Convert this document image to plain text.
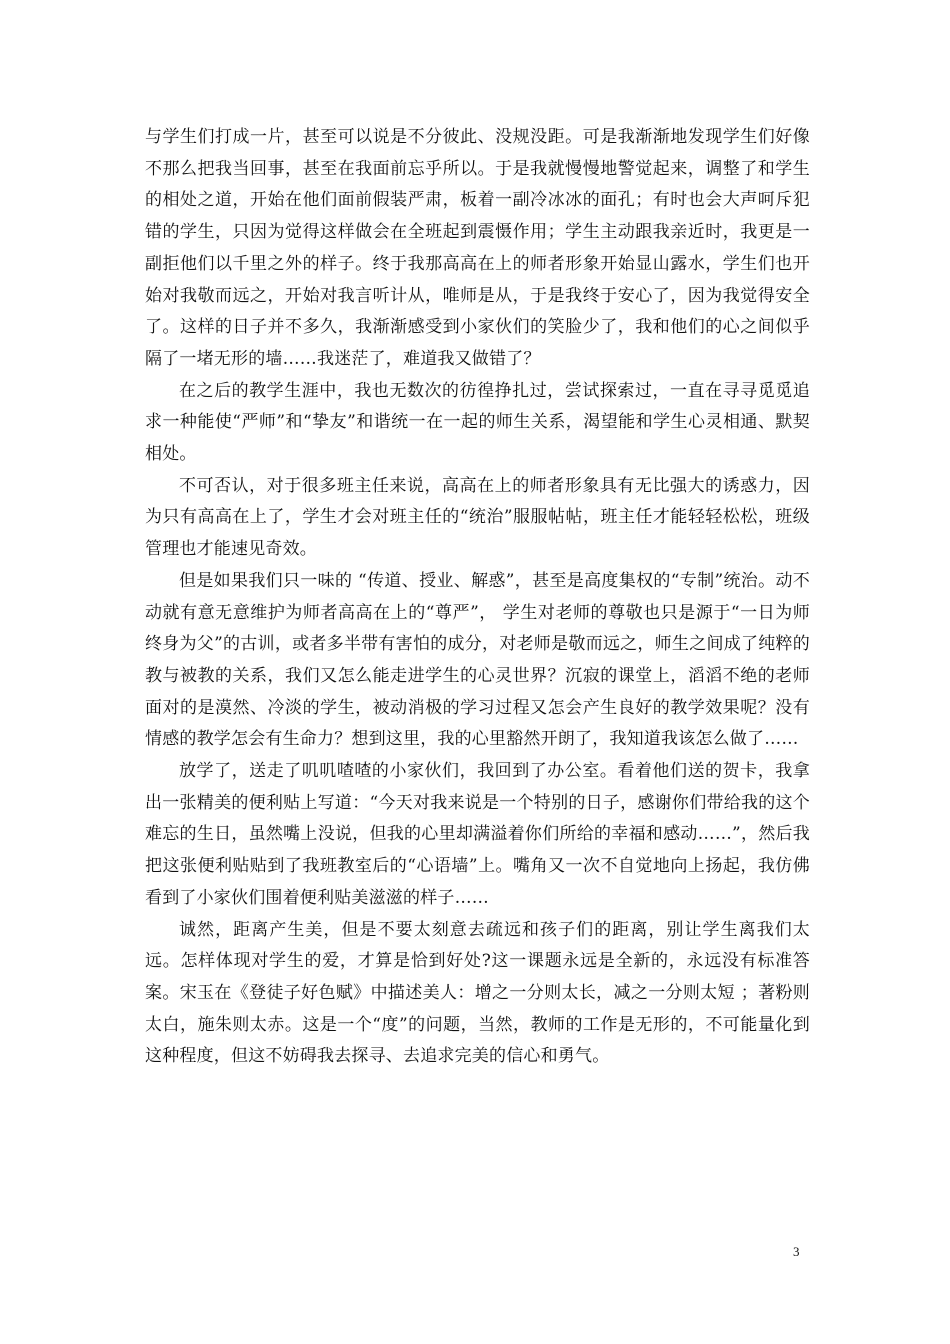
与学生们打成一片，甚至可以说是不分彼此、没规没距。可是我渐渐地发现学生们好像不那么把我当回事，甚至在我面前忘乎所以。于是我就慢慢地警觉起来，调整了和学生的相处之道，开始在他们面前假装严肃，板着一副冷冰冰的面孔；有时也会大声呵斥犯错的学生，只因为觉得这样做会在全班起到震慑作用；学生主动跟我亲近时，我更是一副拒他们以千里之外的样子。终于我那高高在上的师者形象开始显山露水，学生们也开始对我敬而远之，开始对我言听计从，唯师是从，于是我终于安心了，因为我觉得安全了。这样的日子并不多久，我渐渐感受到小家伙们的笑脸少了，我和他们的心之间似乎隔了一堵无形的墙……我迷茫了，难道我又做错了？

在之后的教学生涯中，我也无数次的彷徨挣扎过，尝试探索过，一直在寻寻觅觅追求一种能使“严师”和“挚友”和谐统一在一起的师生关系，渴望能和学生心灵相通、默契相处。

不可否认，对于很多班主任来说，高高在上的师者形象具有无比强大的诱惑力，因为只有高高在上了，学生才会对班主任的“统治”服服帖帖，班主任才能轻轻松松，班级管理也才能速见奇效。

但是如果我们只一味的 “传道、授业、解惑”，甚至是高度集权的“专制”统治。动不动就有意无意维护为师者高高在上的“尊严”， 学生对老师的尊敬也只是源于“一日为师终身为父”的古训，或者多半带有害怕的成分，对老师是敬而远之，师生之间成了纯粹的教与被教的关系，我们又怎么能走进学生的心灵世界？沉寂的课堂上，滔滔不绝的老师面对的是漠然、冷淡的学生，被动消极的学习过程又怎会产生良好的教学效果呢？没有情感的教学怎会有生命力？想到这里，我的心里豁然开朗了，我知道我该怎么做了……

放学了，送走了叽叽喳喳的小家伙们，我回到了办公室。看着他们送的贺卡，我拿出一张精美的便利贴上写道：“今天对我来说是一个特别的日子，感谢你们带给我的这个难忘的生日，虽然嘴上没说，但我的心里却满溢着你们所给的幸福和感动……”，然后我把这张便利贴贴到了我班教室后的“心语墙”上。嘴角又一次不自觉地向上扬起，我仿佛看到了小家伙们围着便利贴美滋滋的样子……

诚然，距离产生美，但是不要太刻意去疏远和孩子们的距离，别让学生离我们太远。怎样体现对学生的爱，才算是恰到好处?这一课题永远是全新的，永远没有标准答案。宋玉在《登徒子好色赋》中描述美人：增之一分则太长，减之一分则太短 ；著粉则太白，施朱则太赤。这是一个“度”的问题，当然，教师的工作是无形的，不可能量化到这种程度，但这不妨碍我去探寻、去追求完美的信心和勇气。

3
